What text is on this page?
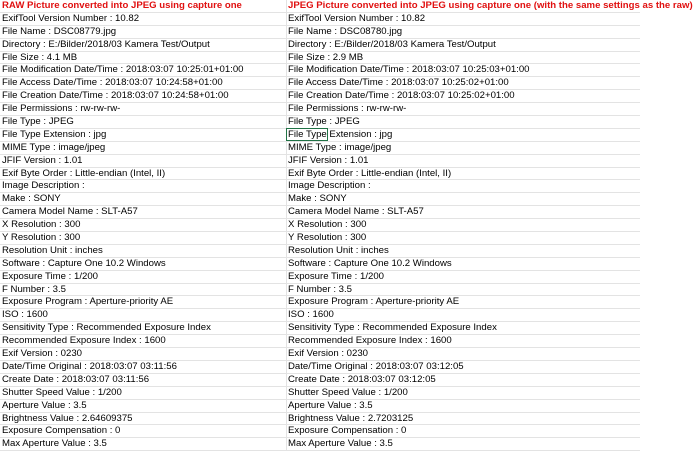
RAW Picture converted into JPEG using capture one
ExifTool Version Number : 10.82
File Name : DSC08779.jpg
Directory : E:/Bilder/2018/03 Kamera Test/Output
File Size : 4.1 MB
File Modification Date/Time : 2018:03:07 10:25:01+01:00
File Access Date/Time : 2018:03:07 10:24:58+01:00
File Creation Date/Time : 2018:03:07 10:24:58+01:00
File Permissions : rw-rw-rw-
File Type : JPEG
File Type Extension : jpg
MIME Type : image/jpeg
JFIF Version : 1.01
Exif Byte Order : Little-endian (Intel, II)
Image Description :
Make : SONY
Camera Model Name : SLT-A57
X Resolution : 300
Y Resolution : 300
Resolution Unit : inches
Software : Capture One 10.2 Windows
Exposure Time : 1/200
F Number : 3.5
Exposure Program : Aperture-priority AE
ISO : 1600
Sensitivity Type : Recommended Exposure Index
Recommended Exposure Index : 1600
Exif Version : 0230
Date/Time Original : 2018:03:07 03:11:56
Create Date : 2018:03:07 03:11:56
Shutter Speed Value : 1/200
Aperture Value : 3.5
Brightness Value : 2.64609375
Exposure Compensation : 0
Max Aperture Value : 3.5
JPEG Picture converted into JPEG using capture one (with the same settings as the raw)
ExifTool Version Number : 10.82
File Name : DSC08780.jpg
Directory : E:/Bilder/2018/03 Kamera Test/Output
File Size : 2.9 MB
File Modification Date/Time : 2018:03:07 10:25:03+01:00
File Access Date/Time : 2018:03:07 10:25:02+01:00
File Creation Date/Time : 2018:03:07 10:25:02+01:00
File Permissions : rw-rw-rw-
File Type : JPEG
File Type Extension : jpg
MIME Type : image/jpeg
JFIF Version : 1.01
Exif Byte Order : Little-endian (Intel, II)
Image Description :
Make : SONY
Camera Model Name : SLT-A57
X Resolution : 300
Y Resolution : 300
Resolution Unit : inches
Software : Capture One 10.2 Windows
Exposure Time : 1/200
F Number : 3.5
Exposure Program : Aperture-priority AE
ISO : 1600
Sensitivity Type : Recommended Exposure Index
Recommended Exposure Index : 1600
Exif Version : 0230
Date/Time Original : 2018:03:07 03:12:05
Create Date : 2018:03:07 03:12:05
Shutter Speed Value : 1/200
Aperture Value : 3.5
Brightness Value : 2.7203125
Exposure Compensation : 0
Max Aperture Value : 3.5
